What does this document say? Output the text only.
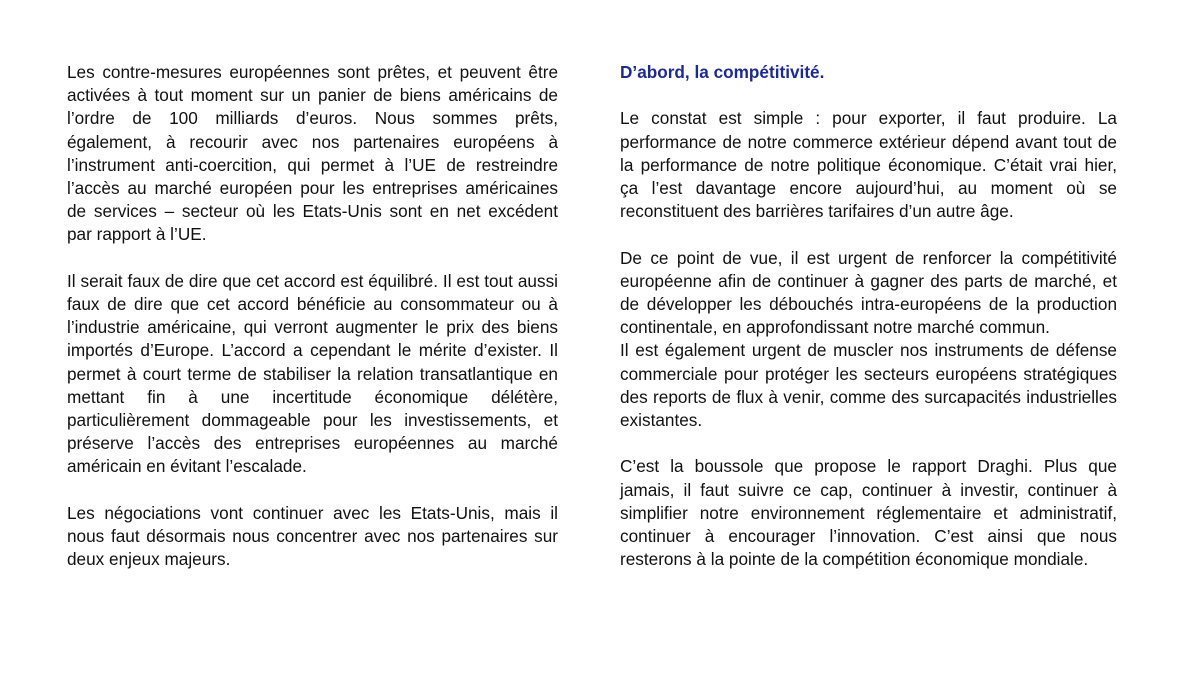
Les contre-mesures européennes sont prêtes, et peuvent être activées à tout moment sur un panier de biens américains de l’ordre de 100 milliards d’euros. Nous sommes prêts, également, à recourir avec nos partenaires européens à l’instrument anti-coercition, qui permet à l’UE de restreindre l’accès au marché européen pour les entreprises américaines de services – secteur où les Etats-Unis sont en net excédent par rapport à l’UE.

Il serait faux de dire que cet accord est équilibré. Il est tout aussi faux de dire que cet accord bénéficie au consommateur ou à l’industrie américaine, qui verront augmenter le prix des biens importés d’Europe. L’accord a cependant le mérite d’exister. Il permet à court terme de stabiliser la relation transatlantique en mettant fin à une incertitude économique délétère, particulièrement dommageable pour les investissements, et préserve l’accès des entreprises européennes au marché américain en évitant l’escalade.

Les négociations vont continuer avec les Etats-Unis, mais il nous faut désormais nous concentrer avec nos partenaires sur deux enjeux majeurs.

D’abord, la compétitivité.

Le constat est simple : pour exporter, il faut produire. La performance de notre commerce extérieur dépend avant tout de la performance de notre politique économique. C’était vrai hier, ça l’est davantage encore aujourd’hui, au moment où se reconstituent des barrières tarifaires d’un autre âge.

De ce point de vue, il est urgent de renforcer la compétitivité européenne afin de continuer à gagner des parts de marché, et de développer les débouchés intra-européens de la production continentale, en approfondissant notre marché commun.

Il est également urgent de muscler nos instruments de défense commerciale pour protéger les secteurs européens stratégiques des reports de flux à venir, comme des surcapacités industrielles existantes.

C’est la boussole que propose le rapport Draghi. Plus que jamais, il faut suivre ce cap, continuer à investir, continuer à simplifier notre environnement réglementaire et administratif, continuer à encourager l’innovation. C’est ainsi que nous resterons à la pointe de la compétition économique mondiale.
